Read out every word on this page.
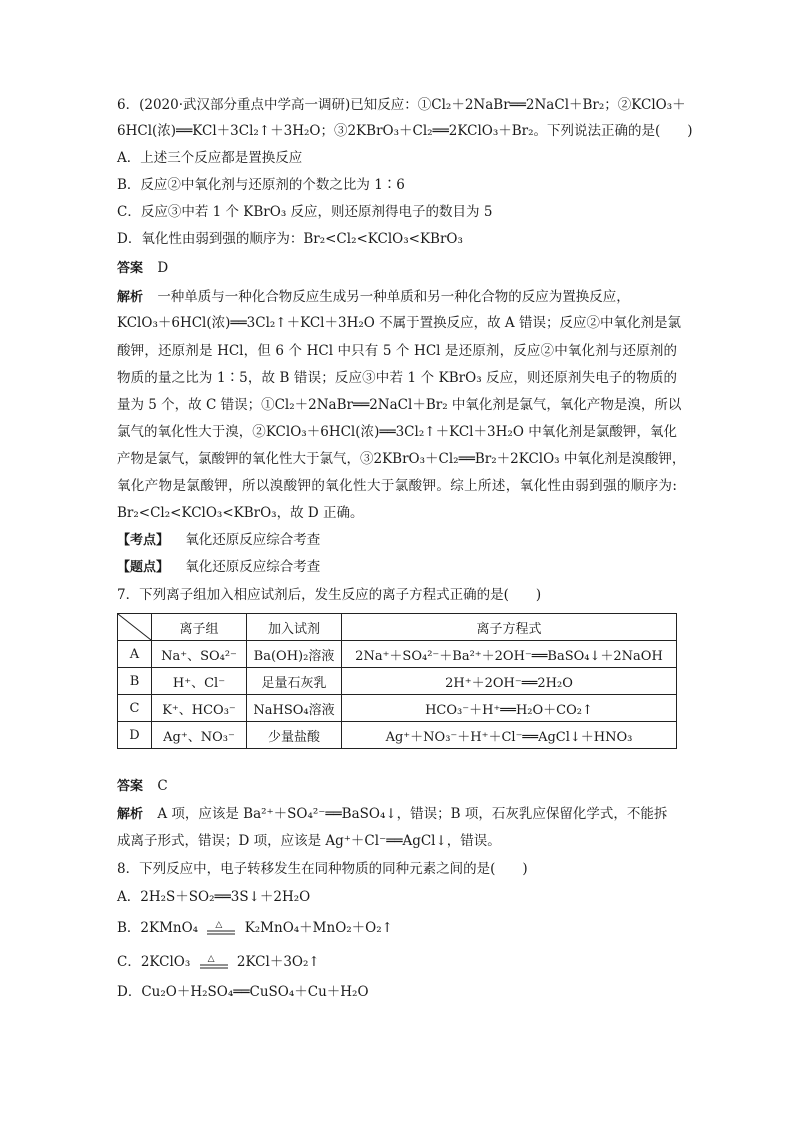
6．(2020·武汉部分重点中学高一调研)已知反应：①Cl₂＋2NaBr══2NaCl＋Br₂；②KClO₃＋
6HCl(浓)══KCl＋3Cl₂↑＋3H₂O；③2KBrO₃＋Cl₂══2KClO₃＋Br₂。下列说法正确的是(　　)
A．上述三个反应都是置换反应
B．反应②中氧化剂与还原剂的个数之比为 1∶6
C．反应③中若 1 个 KBrO₃ 反应，则还原剂得电子的数目为 5
D．氧化性由弱到强的顺序为：Br₂<Cl₂<KClO₃<KBrO₃
答案 D
解析 一种单质与一种化合物反应生成另一种单质和另一种化合物的反应为置换反应，
KClO₃＋6HCl(浓)══3Cl₂↑＋KCl＋3H₂O 不属于置换反应，故 A 错误；反应②中氧化剂是氯
酸钾，还原剂是 HCl，但 6 个 HCl 中只有 5 个 HCl 是还原剂，反应②中氧化剂与还原剂的
物质的量之比为 1∶5，故 B 错误；反应③中若 1 个 KBrO₃ 反应，则还原剂失电子的物质的
量为 5 个，故 C 错误；①Cl₂＋2NaBr══2NaCl＋Br₂ 中氧化剂是氯气，氧化产物是溴，所以
氯气的氧化性大于溴，②KClO₃＋6HCl(浓)══3Cl₂↑＋KCl＋3H₂O 中氧化剂是氯酸钾，氧化
产物是氯气，氯酸钾的氧化性大于氯气，③2KBrO₃＋Cl₂══Br₂＋2KClO₃ 中氧化剂是溴酸钾，
氧化产物是氯酸钾，所以溴酸钾的氧化性大于氯酸钾。综上所述，氧化性由弱到强的顺序为:
Br₂<Cl₂<KClO₃<KBrO₃，故 D 正确。
【考点】 氧化还原反应综合考查
【题点】 氧化还原反应综合考查
7．下列离子组加入相应试剂后，发生反应的离子方程式正确的是(　　)
	离子组	加入试剂	离子方程式
A	Na⁺、SO₄²⁻	Ba(OH)₂溶液	2Na⁺＋SO₄²⁻＋Ba²⁺＋2OH⁻══BaSO₄↓＋2NaOH
B	H⁺、Cl⁻	足量石灰乳	2H⁺＋2OH⁻══2H₂O
C	K⁺、HCO₃⁻	NaHSO₄溶液	HCO₃⁻＋H⁺══H₂O＋CO₂↑
D	Ag⁺、NO₃⁻	少量盐酸	Ag⁺＋NO₃⁻＋H⁺＋Cl⁻══AgCl↓＋HNO₃
答案 C
解析 A 项，应该是 Ba²⁺＋SO₄²⁻══BaSO₄↓，错误；B 项，石灰乳应保留化学式，不能拆
成离子形式，错误；D 项，应该是 Ag⁺＋Cl⁻══AgCl↓，错误。
8．下列反应中，电子转移发生在同种物质的同种元素之间的是(　　)
A．2H₂S＋SO₂══3S↓＋2H₂O
B．2KMnO₄ △ K₂MnO₄＋MnO₂＋O₂↑
C．2KClO₃ △ 2KCl＋3O₂↑
D．Cu₂O＋H₂SO₄══CuSO₄＋Cu＋H₂O
